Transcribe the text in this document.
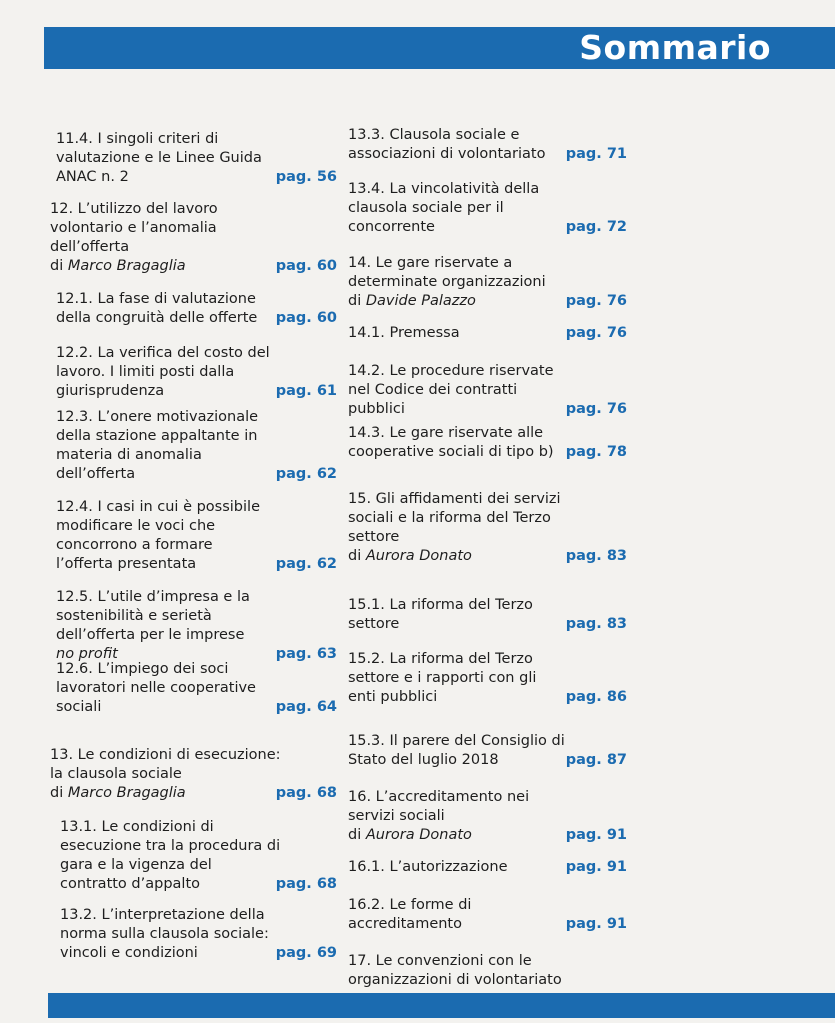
Sommario
11.4. I singoli criteri di
valutazione e le Linee Guida
ANAC n. 2	pag. 56
12. L’utilizzo del lavoro
volontario e l’anomalia
dell’offerta
di Marco Bragaglia	pag. 60
12.1. La fase di valutazione
della congruità delle offerte	pag. 60
12.2. La verifica del costo del
lavoro. I limiti posti dalla
giurisprudenza	pag. 61
12.3. L’onere motivazionale
della stazione appaltante in
materia di anomalia
dell’offerta	pag. 62
12.4. I casi in cui è possibile
modificare le voci che
concorrono a formare
l’offerta presentata	pag. 62
12.5. L’utile d’impresa e la
sostenibilità e serietà
dell’offerta per le imprese
no profit	pag. 63
12.6. L’impiego dei soci
lavoratori nelle cooperative
sociali	pag. 64
13. Le condizioni di esecuzione:
la clausola sociale
di Marco Bragaglia	pag. 68
13.1. Le condizioni di
esecuzione tra la procedura di
gara e la vigenza del
contratto d’appalto	pag. 68
13.2. L’interpretazione della
norma sulla clausola sociale:
vincoli e condizioni	pag. 69
13.3. Clausola sociale e
associazioni di volontariato	pag. 71
13.4. La vincolatività della
clausola sociale per il
concorrente	pag. 72
14. Le gare riservate a
determinate organizzazioni
di Davide Palazzo	pag. 76
14.1. Premessa	pag. 76
14.2. Le procedure riservate
nel Codice dei contratti
pubblici	pag. 76
14.3. Le gare riservate alle
cooperative sociali di tipo b) pag. 78
15. Gli affidamenti dei servizi
sociali e la riforma del Terzo
settore
di Aurora Donato	pag. 83
15.1. La riforma del Terzo
settore	pag. 83
15.2. La riforma del Terzo
settore e i rapporti con gli
enti pubblici	pag. 86
15.3. Il parere del Consiglio di
Stato del luglio 2018	pag. 87
16. L’accreditamento nei
servizi sociali
di Aurora Donato	pag. 91
16.1. L’autorizzazione	pag. 91
16.2. Le forme di
accreditamento	pag. 91
17. Le convenzioni con le
organizzazioni di volontariato
